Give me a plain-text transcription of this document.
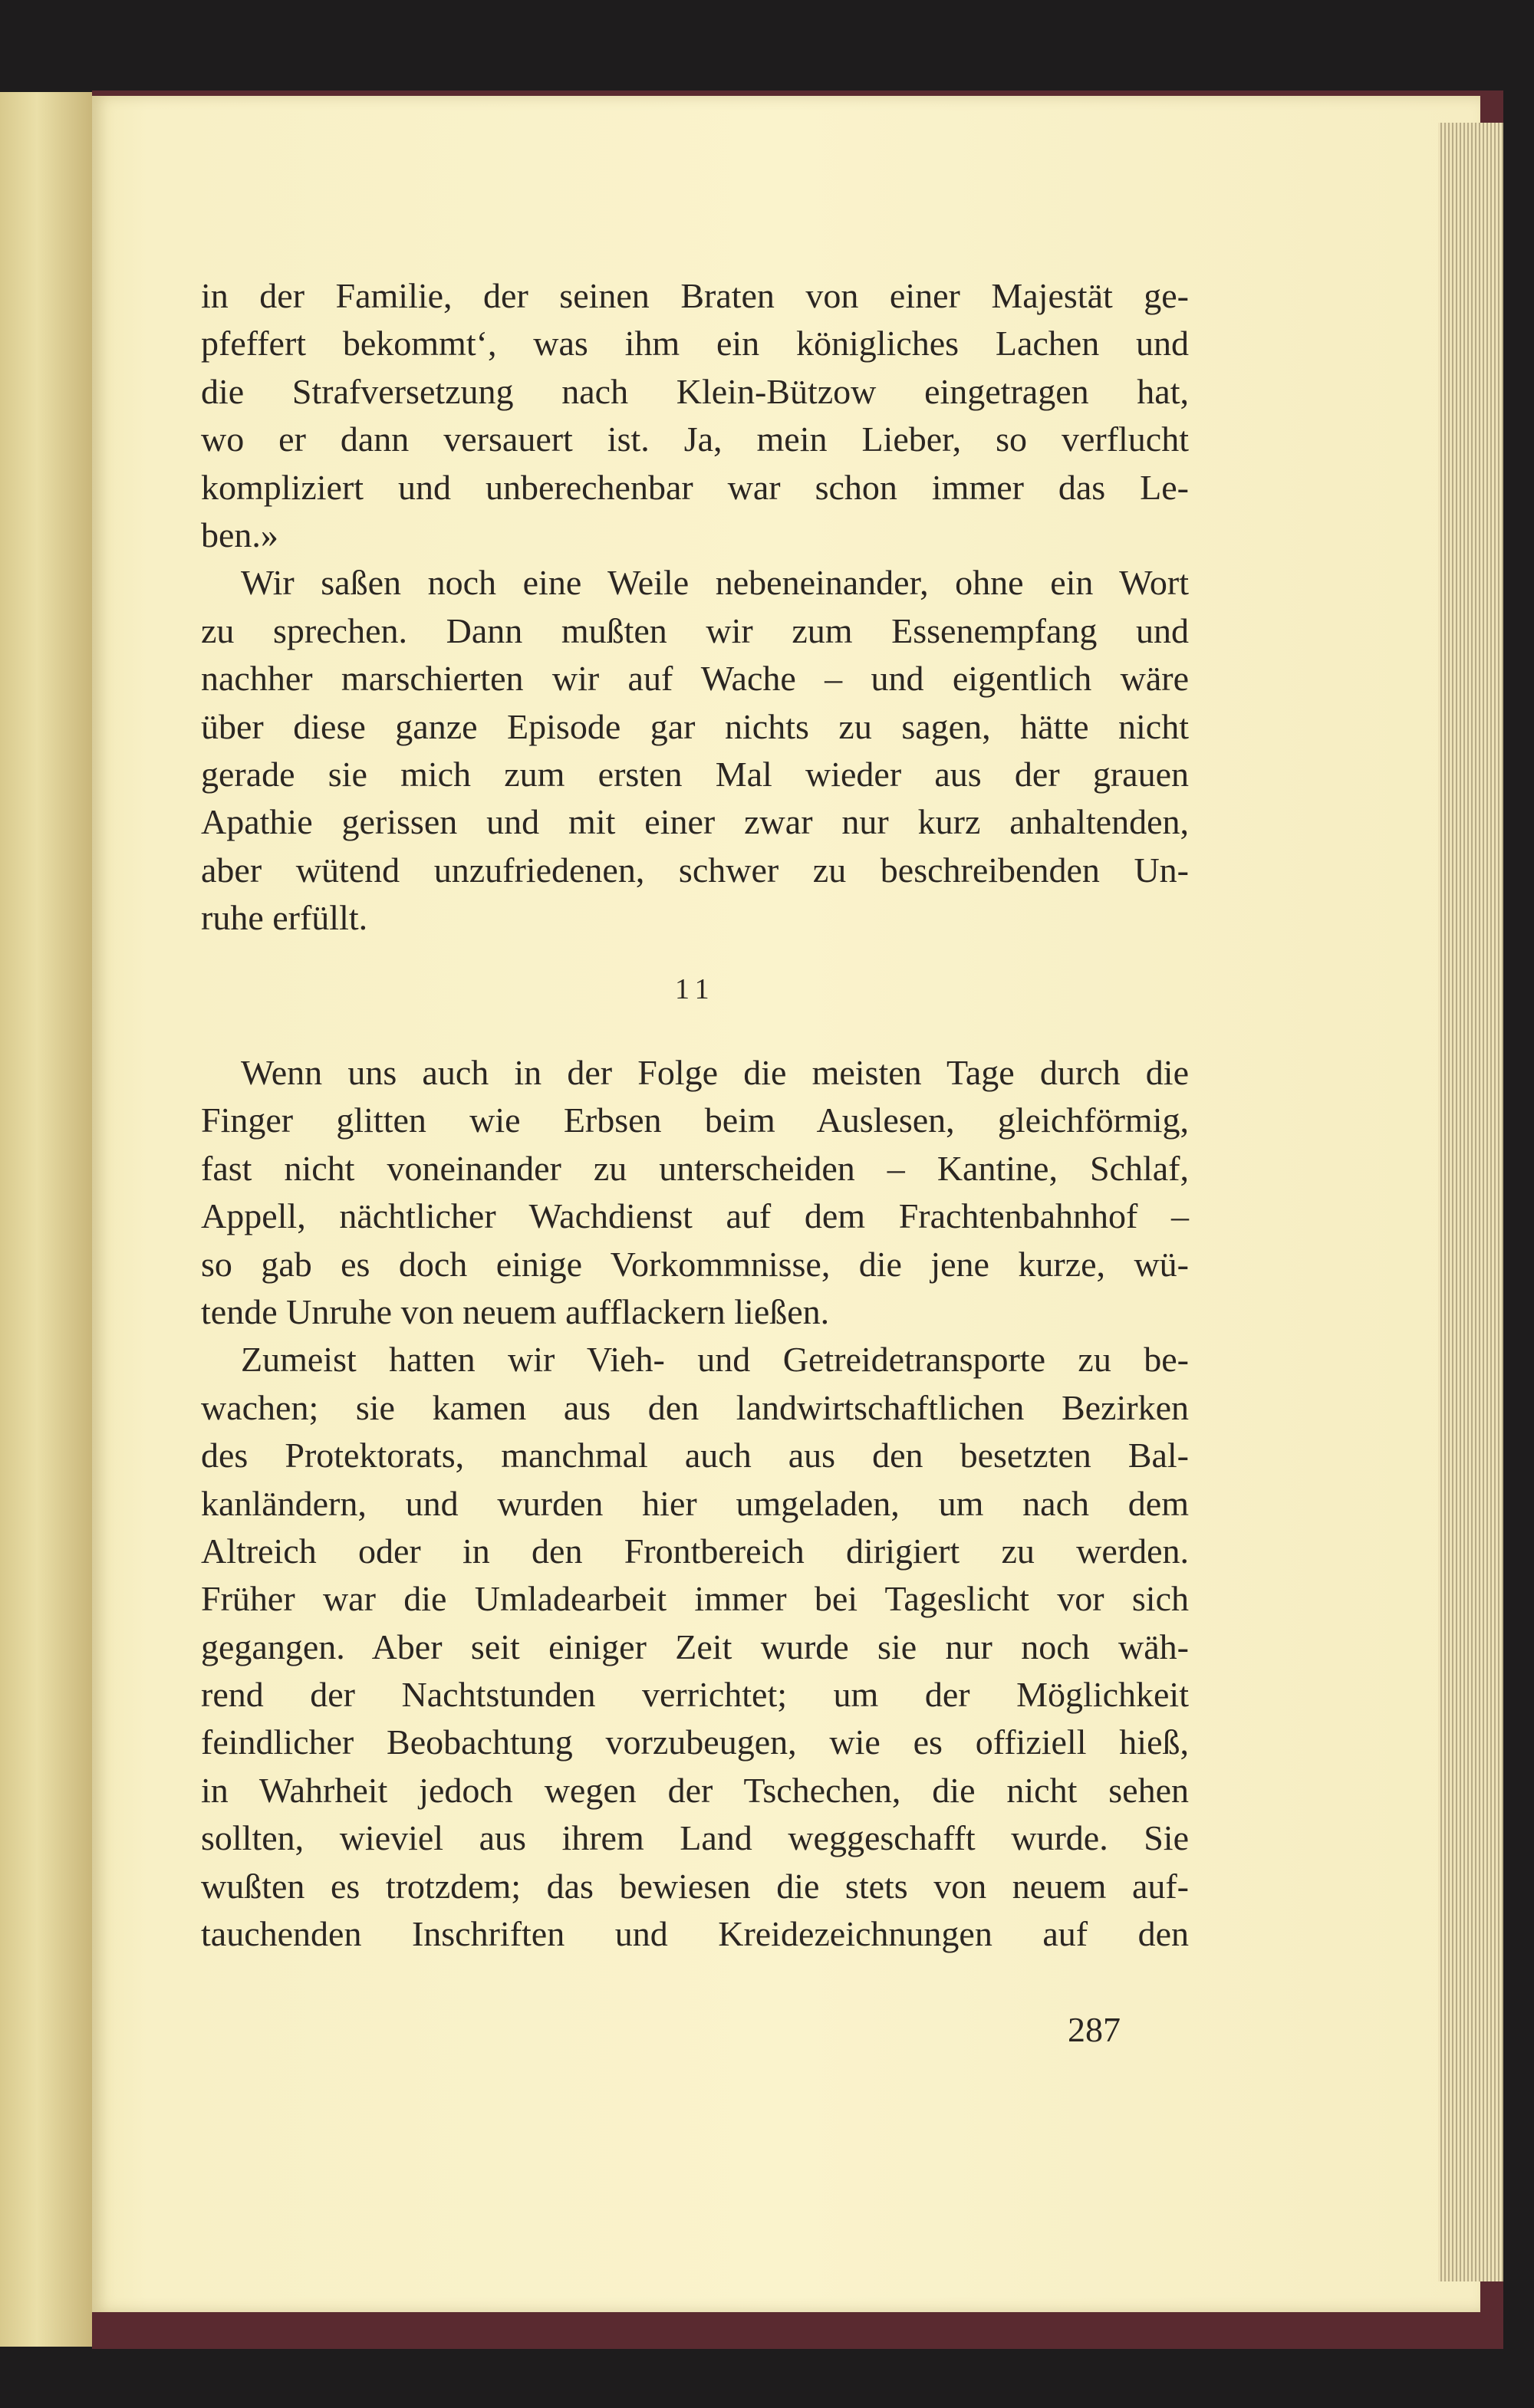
in der Familie, der seinen Braten von einer Majestät ge-
pfeffert bekommt‘, was ihm ein königliches Lachen und
die Strafversetzung nach Klein-Bützow eingetragen hat,
wo er dann versauert ist. Ja, mein Lieber, so verflucht
kompliziert und unberechenbar war schon immer das Le-
ben.»
Wir saßen noch eine Weile nebeneinander, ohne ein Wort
zu sprechen. Dann mußten wir zum Essenempfang und
nachher marschierten wir auf Wache – und eigentlich wäre
über diese ganze Episode gar nichts zu sagen, hätte nicht
gerade sie mich zum ersten Mal wieder aus der grauen
Apathie gerissen und mit einer zwar nur kurz anhaltenden,
aber wütend unzufriedenen, schwer zu beschreibenden Un-
ruhe erfüllt.
11
Wenn uns auch in der Folge die meisten Tage durch die
Finger glitten wie Erbsen beim Auslesen, gleichförmig,
fast nicht voneinander zu unterscheiden – Kantine, Schlaf,
Appell, nächtlicher Wachdienst auf dem Frachtenbahnhof –
so gab es doch einige Vorkommnisse, die jene kurze, wü-
tende Unruhe von neuem aufflackern ließen.
Zumeist hatten wir Vieh- und Getreidetransporte zu be-
wachen; sie kamen aus den landwirtschaftlichen Bezirken
des Protektorats, manchmal auch aus den besetzten Bal-
kanländern, und wurden hier umgeladen, um nach dem
Altreich oder in den Frontbereich dirigiert zu werden.
Früher war die Umladearbeit immer bei Tageslicht vor sich
gegangen. Aber seit einiger Zeit wurde sie nur noch wäh-
rend der Nachtstunden verrichtet; um der Möglichkeit
feindlicher Beobachtung vorzubeugen, wie es offiziell hieß,
in Wahrheit jedoch wegen der Tschechen, die nicht sehen
sollten, wieviel aus ihrem Land weggeschafft wurde. Sie
wußten es trotzdem; das bewiesen die stets von neuem auf-
tauchenden Inschriften und Kreidezeichnungen auf den
287
